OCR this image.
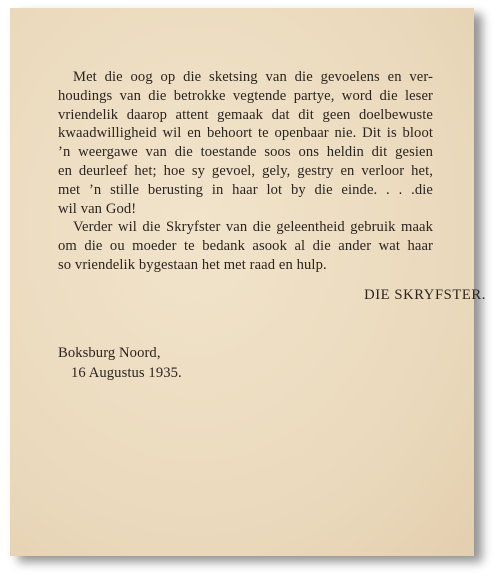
Met die oog op die sketsing van die gevoelens en ver-
houdings van die betrokke vegtende partye, word die leser
vriendelik daarop attent gemaak dat dit geen doelbewuste
kwaadwilligheid wil en behoort te openbaar nie. Dit is bloot
’n weergawe van die toestande soos ons heldin dit gesien
en deurleef het; hoe sy gevoel, gely, gestry en verloor het,
met ’n stille berusting in haar lot by die einde. . . .die
wil van God!
Verder wil die Skryfster van die geleentheid gebruik maak
om die ou moeder te bedank asook al die ander wat haar
so vriendelik bygestaan het met raad en hulp.
DIE SKRYFSTER.
Boksburg Noord,
16 Augustus 1935.
